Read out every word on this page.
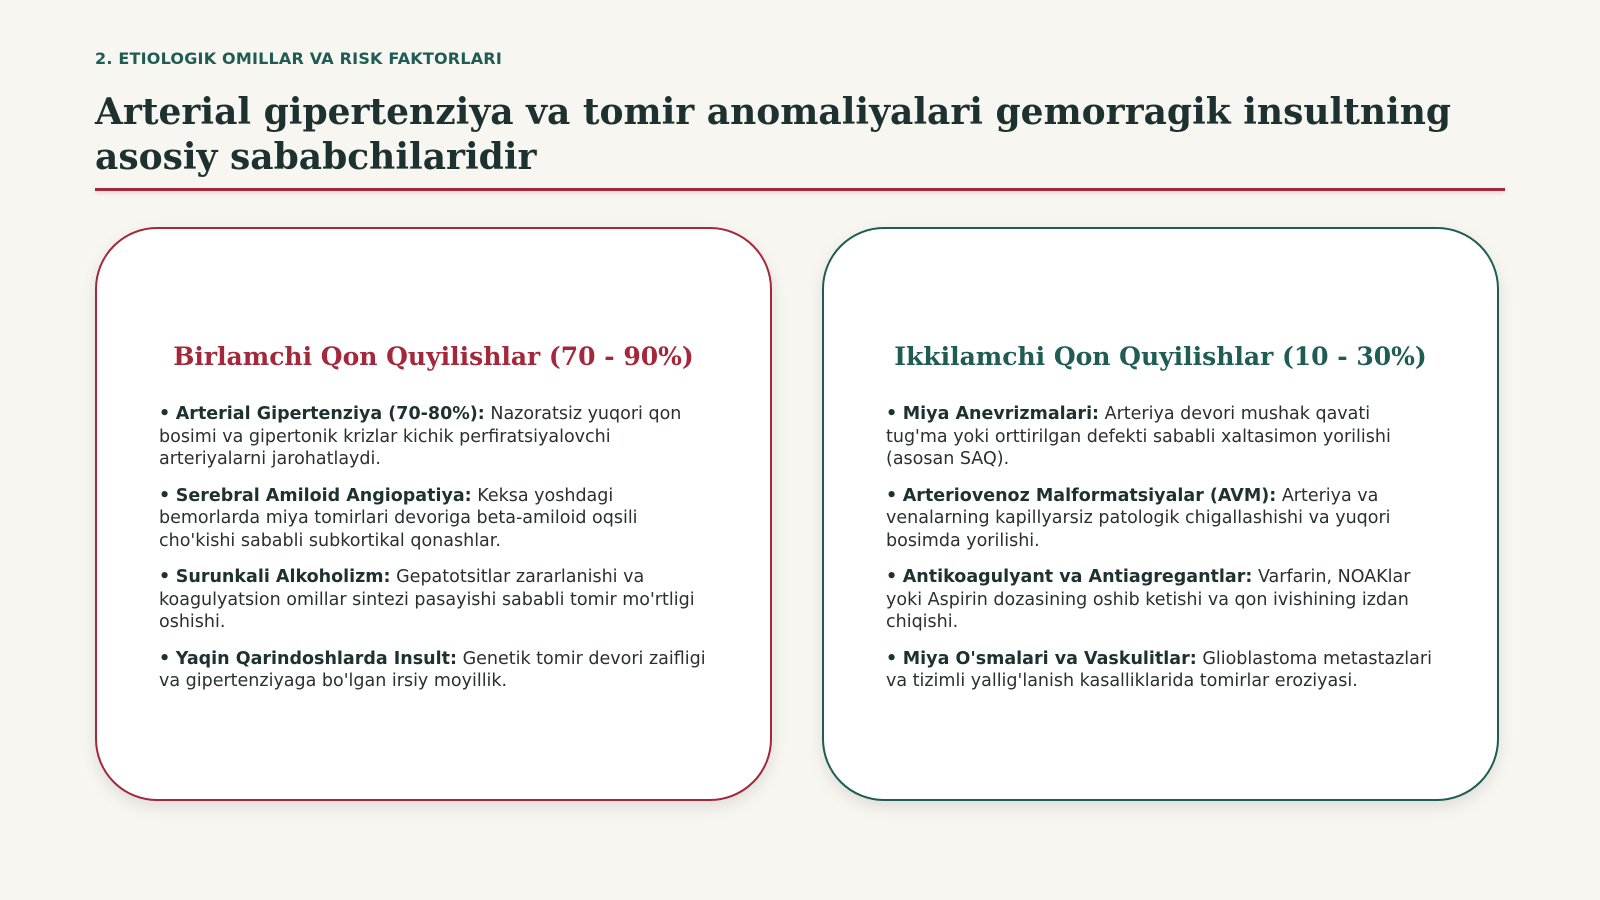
2. ETIOLOGIK OMILLAR VA RISK FAKTORLARI
Arterial gipertenziya va tomir anomaliyalari gemorragik insultning asosiy sababchilaridir
Birlamchi Qon Quyilishlar (70 - 90%)
• Arterial Gipertenziya (70-80%): Nazoratsiz yuqori qon bosimi va gipertonik krizlar kichik perfiratsiyalovchi arteriyalarni jarohatlaydi.
• Serebral Amiloid Angiopatiya: Keksa yoshdagi bemorlarda miya tomirlari devoriga beta-amiloid oqsili cho'kishi sababli subkortikal qonashlar.
• Surunkali Alkoholizm: Gepatotsitlar zararlanishi va koagulyatsion omillar sintezi pasayishi sababli tomir mo'rtligi oshishi.
• Yaqin Qarindoshlarda Insult: Genetik tomir devori zaifligi va gipertenziyaga bo'lgan irsiy moyillik.
Ikkilamchi Qon Quyilishlar (10 - 30%)
• Miya Anevrizmalari: Arteriya devori mushak qavati tug'ma yoki orttirilgan defekti sababli xaltasimon yorilishi (asosan SAQ).
• Arteriovenoz Malformatsiyalar (AVM): Arteriya va venalarning kapillyarsiz patologik chigallashishi va yuqori bosimda yorilishi.
• Antikoagulyant va Antiagregantlar: Varfarin, NOAKlar yoki Aspirin dozasining oshib ketishi va qon ivishining izdan chiqishi.
• Miya O'smalari va Vaskulitlar: Glioblastoma metastazlari va tizimli yallig'lanish kasalliklarida tomirlar eroziyasi.
